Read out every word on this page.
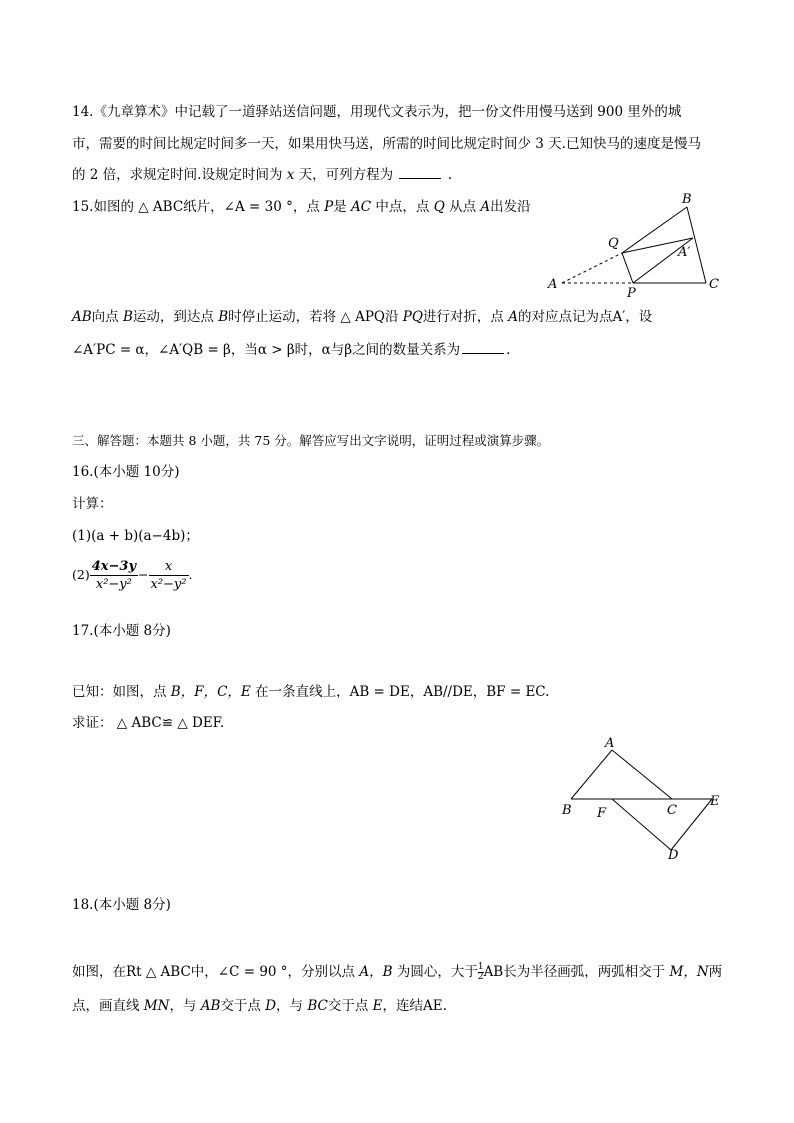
14.《九章算术》中记载了一道驿站送信问题，用现代文表示为，把一份文件用慢马送到 900 里外的城
市，需要的时间比规定时间多一天，如果用快马送，所需的时间比规定时间少 3 天.已知快马的速度是慢马
的 2 倍，求规定时间.设规定时间为 x 天，可列方程为	.
15.如图的 △ ABC纸片，∠A = 30 °，点 P是 AC 中点，点 Q 从点 A出发沿
A
B
C
P
Q
A′
AB向点 B运动，到达点 B时停止运动，若将 △ APQ沿 PQ进行对折，点 A的对应点记为点A′，设
∠A′PC = α，∠A′QB = β，当α > β时，α与β之间的数量关系为	.
三、解答题：本题共 8 小题，共 75 分。解答应写出文字说明，证明过程或演算步骤。
16.(本小题 10分)
计算：
(1)(a + b)(a−4b)；
$(2) \frac{4x-3y}{\text{x²−y²}} - \frac{x}{\text{x²−y²}}$ .
17.(本小题 8分)
已知：如图，点 B，F，C，E 在一条直线上，AB = DE，AB//DE，BF = EC.
求证： △ ABC≌ △ DEF.
A
B F	C
E
D
18.(本小题 8分)
如图，在Rt △ ABC中，∠C = 90 °，分别以点 A，B 为圆心，大于 $\frac{1}{2}AB$长为半径画弧，两弧相交于 M，N两
点，画直线 MN，与 AB交于点 D，与 BC交于点 E，连结AE.
